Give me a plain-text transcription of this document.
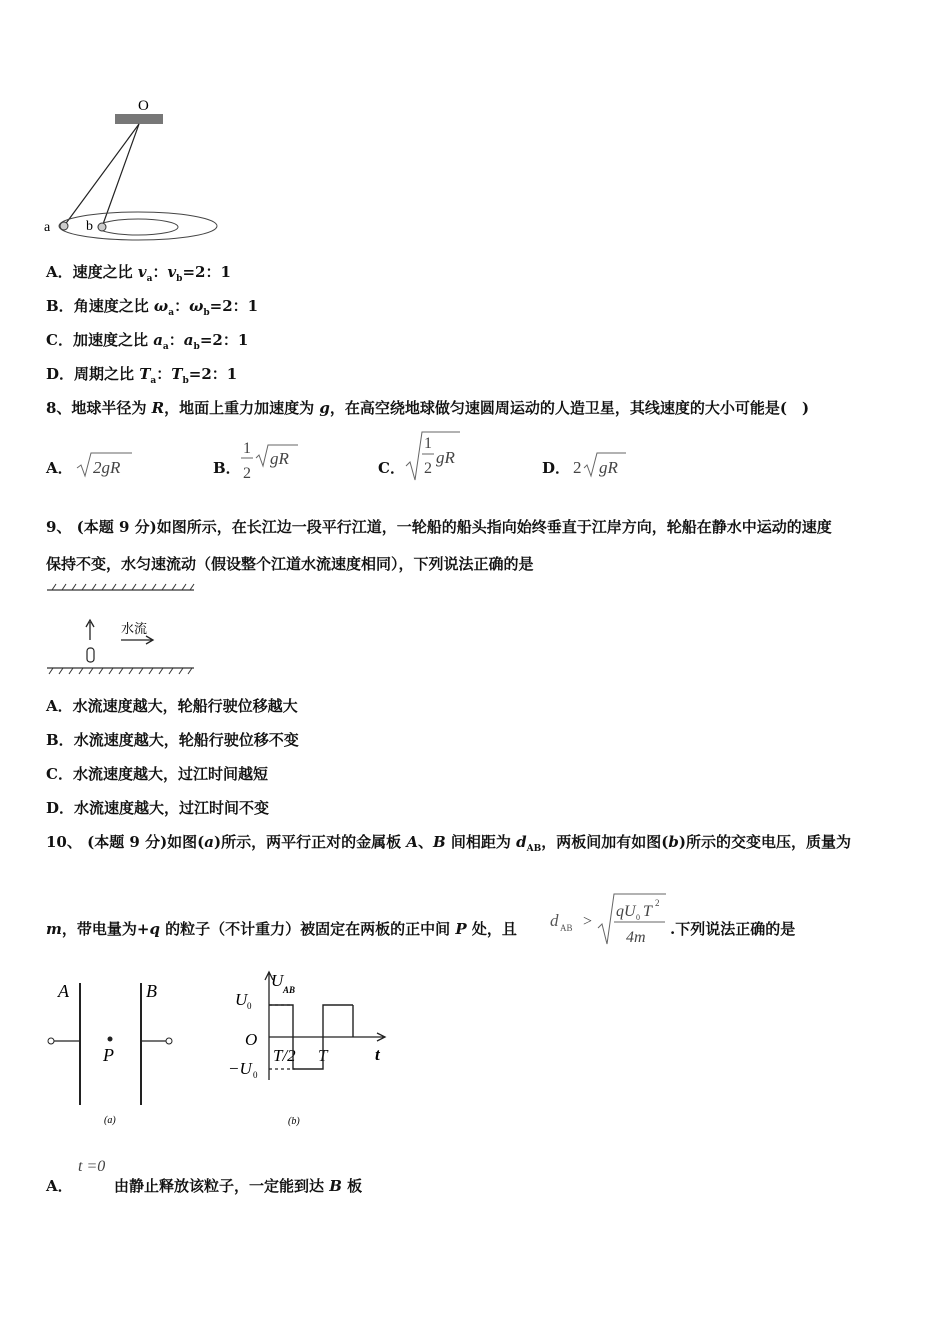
O
a	b
A．速度之比 $v_a$：$v_b=2$：1
B．角速度之比 $\omega_a$：$\omega_b=2$：1
C．加速度之比 $a_a$：$a_b=2$：1
D．周期之比 $T_a$：$T_b=2$：1
8、地球半径为 R，地面上重力加速度为 g，在高空绕地球做匀速圆周运动的人造卫星，其线速度的大小可能是(　)
A． 2gR	B．
1
2
gR	C．
1
2
gR
D． 2 gR
9、 (本题 9 分)如图所示，在长江边一段平行江道，一轮船的船头指向始终垂直于江岸方向，轮船在静水中运动的速度
保持不变，水匀速流动（假设整个江道水流速度相同），下列说法正确的是
水流
A．水流速度越大，轮船行驶位移越大
B．水流速度越大，轮船行驶位移不变
C．水流速度越大，过江时间越短
D．水流速度越大，过江时间不变
10、 (本题 9 分)如图(a)所示，两平行正对的金属板 A、B 间相距为 $d_{AB}$，两板间加有如图(b)所示的交变电压，质量为
m，带电量为+q 的粒子（不计重力）被固定在两板的正中间 P 处，且 d AB >
qU 0 T 2
4m .下列说法正确的是
A	B
P
(a)
U AB
U 0
O
−U 0
T/2 T	t
(b)
A．
t =0
由静止释放该粒子，一定能到达 B 板
